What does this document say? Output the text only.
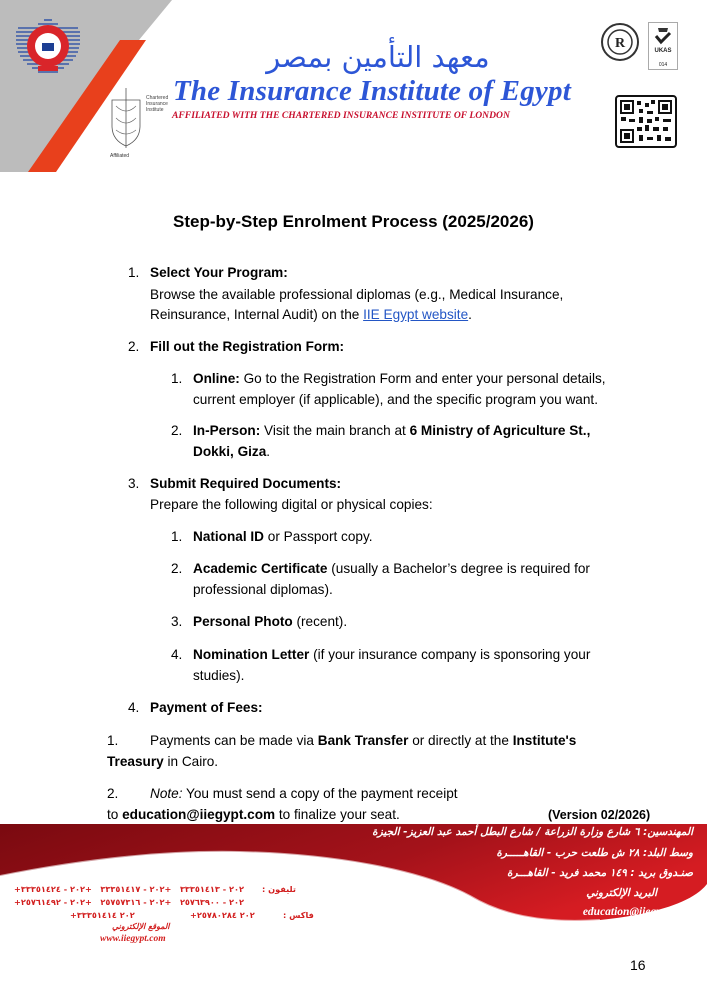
Chartered
Insurance
Institute
Affiliated
معهد التأمين بمصر
The Insurance Institute of Egypt
AFFILIATED WITH THE CHARTERED INSURANCE INSTITUTE OF LONDON
R	UKAS
014
Step-by-Step Enrolment Process (2025/2026)
1. Select Your Program:
Browse the available professional diplomas (e.g., Medical Insurance,
Reinsurance, Internal Audit) on the IIE Egypt website.
2. Fill out the Registration Form:
1. Online: Go to the Registration Form and enter your personal details,
current employer (if applicable), and the specific program you want.
2. In-Person: Visit the main branch at 6 Ministry of Agriculture St.,
Dokki, Giza.
3. Submit Required Documents:
Prepare the following digital or physical copies:
1. National ID or Passport copy.
2. Academic Certificate (usually a Bachelor’s degree is required for
professional diplomas).
3. Personal Photo (recent).
4. Nomination Letter (if your insurance company is sponsoring your
studies).
4. Payment of Fees:
1. Payments can be made via Bank Transfer or directly at the Institute's
Treasury in Cairo.
2. Note: You must send a copy of the payment receipt
to education@iiegypt.com to finalize your seat.	(Version 02/2026)
المهندسين: ٦ شارع وزارة الزراعة / شارع البطل أحمد عبد العزيز- الجيزة
وسط البلد: ٢٨ ش طلعت حرب - القاهـــــرة
صنـدوق بريد : ١٤٩ محمد فريد - القاهـــرة
البريد الإلكتروني
education@iiegypt.com
customer.serv@iiegypt.com
تليفون :
+٢٠٢ - ٣٣٣٥١٤١٣   +٢٠٢ - ٣٣٣٥١٤١٧   +٢٠٢ - ٣٣٣٥١٤٢٤
+٢٠٢ - ٢٥٧٦٣٩٠٠   +٢٠٢ - ٢٥٧٥٧٣١٦   +٢٠٢ - ٢٥٧٦١٤٩٢
فاكس :
+٢٠٢ ٣٣٣٥١٤١٤	+٢٠٢ ٢٥٧٨٠٢٨٤
الموقع الإلكتروني
www.iiegypt.com
16
